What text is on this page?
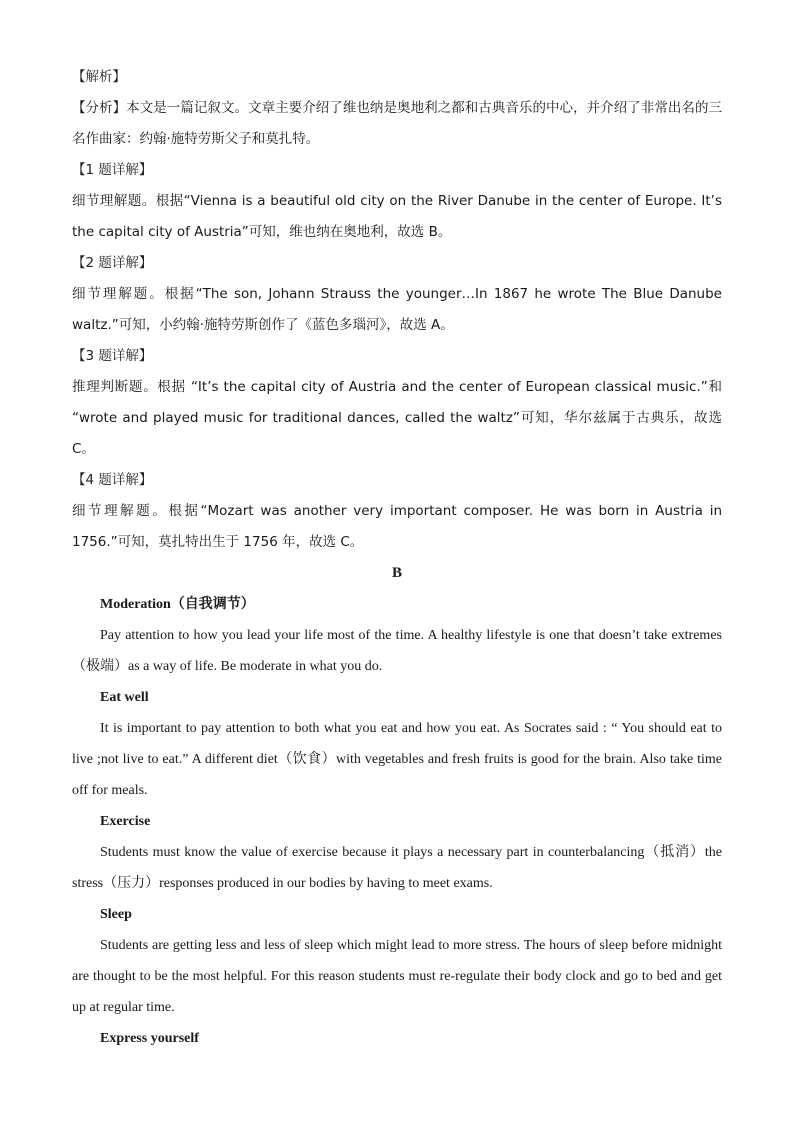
【解析】

【分析】本文是一篇记叙文。文章主要介绍了维也纳是奥地利之都和古典音乐的中心，并介绍了非常出名的三名作曲家：约翰·施特劳斯父子和莫扎特。

【1 题详解】

细节理解题。根据“Vienna is a beautiful old city on the River Danube in the center of Europe. It’s the capital city of Austria”可知，维也纳在奥地利，故选 B。

【2 题详解】

细节理解题。根据“The son, Johann Strauss the younger…In 1867 he wrote The Blue Danube waltz.”可知，小约翰·施特劳斯创作了《蓝色多瑙河》，故选 A。

【3 题详解】

推理判断题。根据 “It’s the capital city of Austria and the center of European classical music.”和 “wrote and played music for traditional dances, called the waltz”可知，华尔兹属于古典乐，故选 C。

【4 题详解】

细节理解题。根据“Mozart was another very important composer. He was born in Austria in 1756.”可知，莫扎特出生于 1756 年，故选 C。

B

Moderation（自我调节）

Pay attention to how you lead your life most of the time. A healthy lifestyle is one that doesn’t take extremes（极端）as a way of life. Be moderate in what you do.

Eat well

It is important to pay attention to both what you eat and how you eat. As Socrates said : “ You should eat to live ;not live to eat.” A different diet（饮食）with vegetables and fresh fruits is good for the brain. Also take time off for meals.

Exercise

Students must know the value of exercise because it plays a necessary part in counterbalancing（抵消）the stress（压力）responses produced in our bodies by having to meet exams.

Sleep

Students are getting less and less of sleep which might lead to more stress. The hours of sleep before midnight are thought to be the most helpful. For this reason students must re-regulate their body clock and go to bed and get up at regular time.

Express yourself
